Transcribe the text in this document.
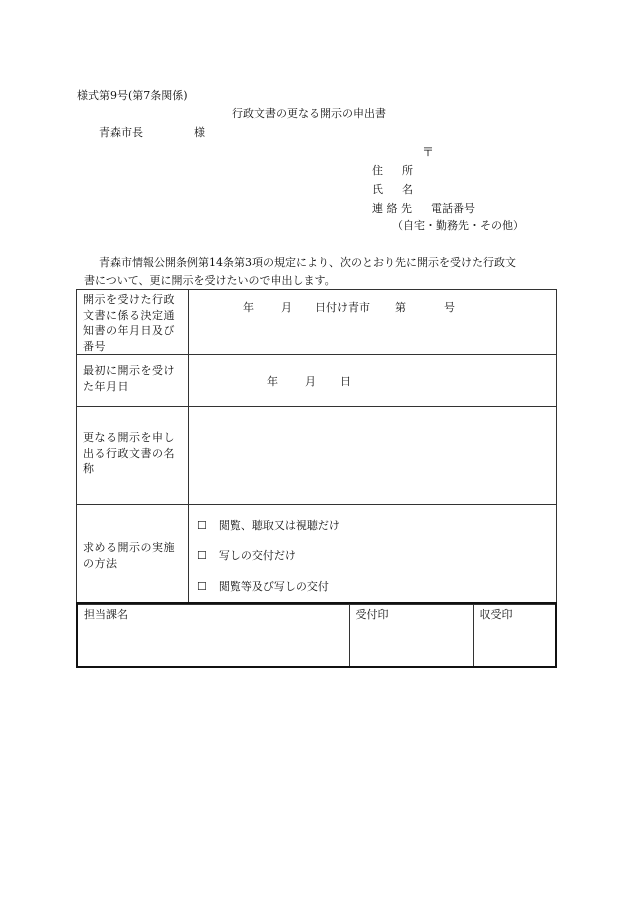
様式第9号(第7条関係)
行政文書の更なる開示の申出書
青森市長	様
〒
住　所
氏　名
連 絡 先 電話番号
（自宅・勤務先・その他）
青森市情報公開条例第14条第3項の規定により、次のとおり先に開示を受けた行政文
書について、更に開示を受けたいので申出します。
開示を受けた行政文書に係る決定通知書の年月日及び番号	年 月 日付け青市 第 号

最初に開示を受けた年月日	年 月 日

更なる開示を申し出る行政文書の名称	
求める開示の実施の方法	☐ 閲覧、聴取又は視聴だけ
☐ 写しの交付だけ
☐ 閲覧等及び写しの交付
担当課名	受付印	収受印
